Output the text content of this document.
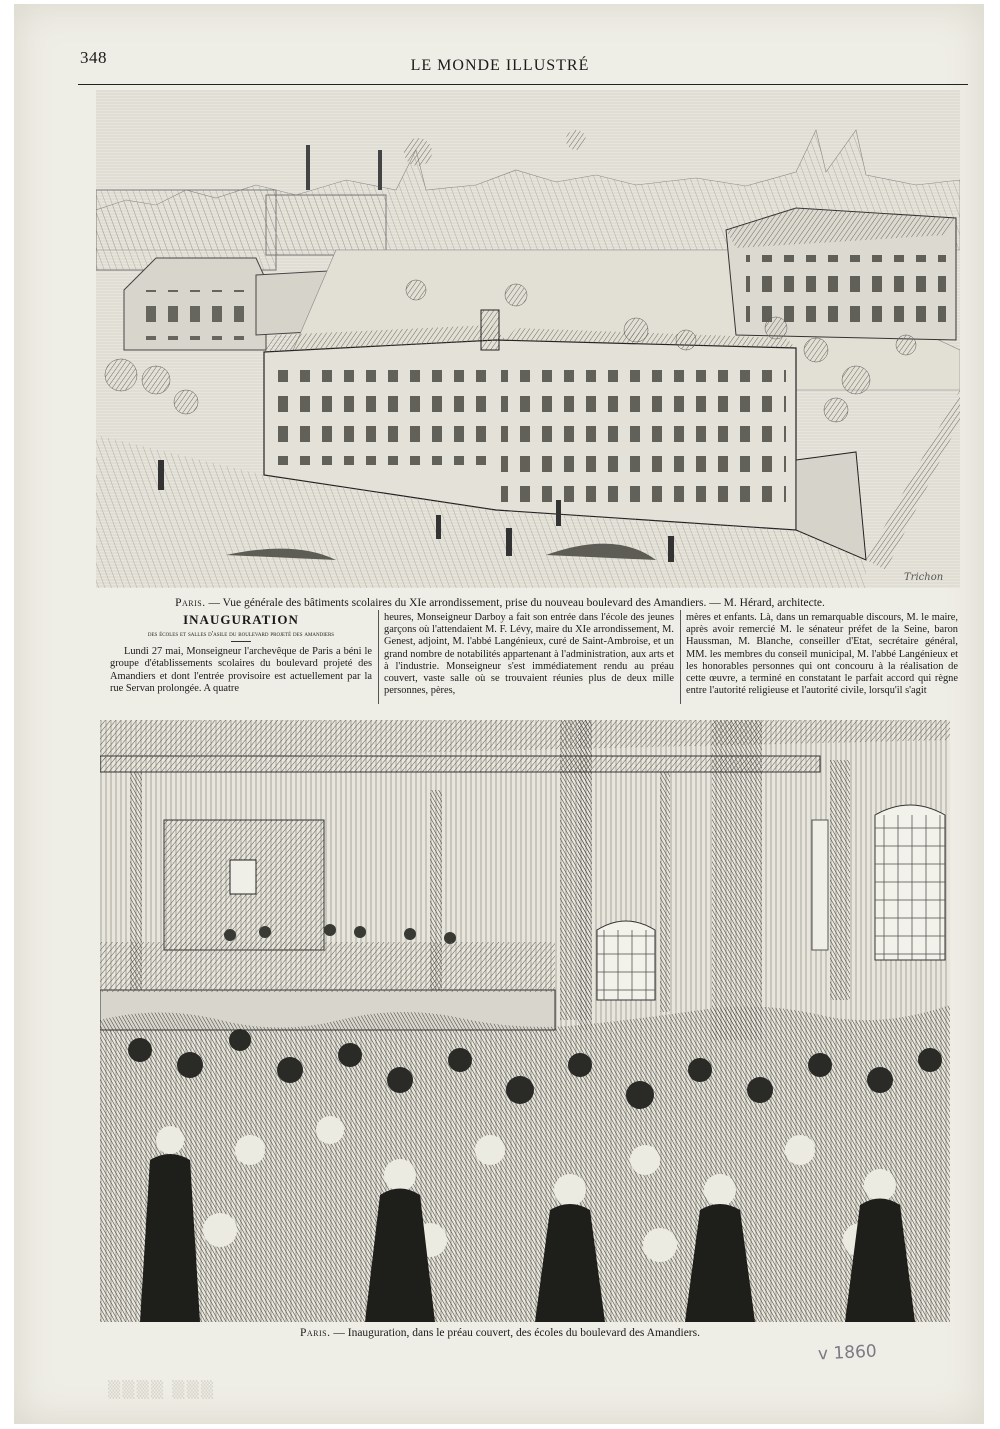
348	LE MONDE ILLUSTRÉ
Trichon
Paris. — Vue générale des bâtiments scolaires du XIe arrondissement, prise du nouveau boulevard des Amandiers. — M. Hérard, architecte.
INAUGURATION
des écoles et salles d'asile du boulevard projeté des amandiers
Lundi 27 mai, Monseigneur l'archevêque de Paris a béni le groupe d'établissements scolaires du boulevard projeté des Amandiers et dont l'entrée provisoire est actuellement par la rue Servan prolongée. A quatre
heures, Monseigneur Darboy a fait son entrée dans l'école des jeunes garçons où l'attendaient M. F. Lévy, maire du XIe arrondissement, M. Genest, adjoint, M. l'abbé Langénieux, curé de Saint-Ambroise, et un grand nombre de notabilités appartenant à l'administration, aux arts et à l'industrie. Monseigneur s'est immédiatement rendu au préau couvert, vaste salle où se trouvaient réunies plus de deux mille personnes, pères,
mères et enfants. Là, dans un remarquable discours, M. le maire, après avoir remercié M. le sénateur préfet de la Seine, baron Haussman, M. Blanche, conseiller d'Etat, secrétaire général, MM. les membres du conseil municipal, M. l'abbé Langénieux et les honorables personnes qui ont concouru à la réalisation de cette œuvre, a terminé en constatant le parfait accord qui règne entre l'autorité religieuse et l'autorité civile, lorsqu'il s'agit
Paris. — Inauguration, dans le préau couvert, des écoles du boulevard des Amandiers.
v 1860
▒▒▒▒ ▒▒▒
